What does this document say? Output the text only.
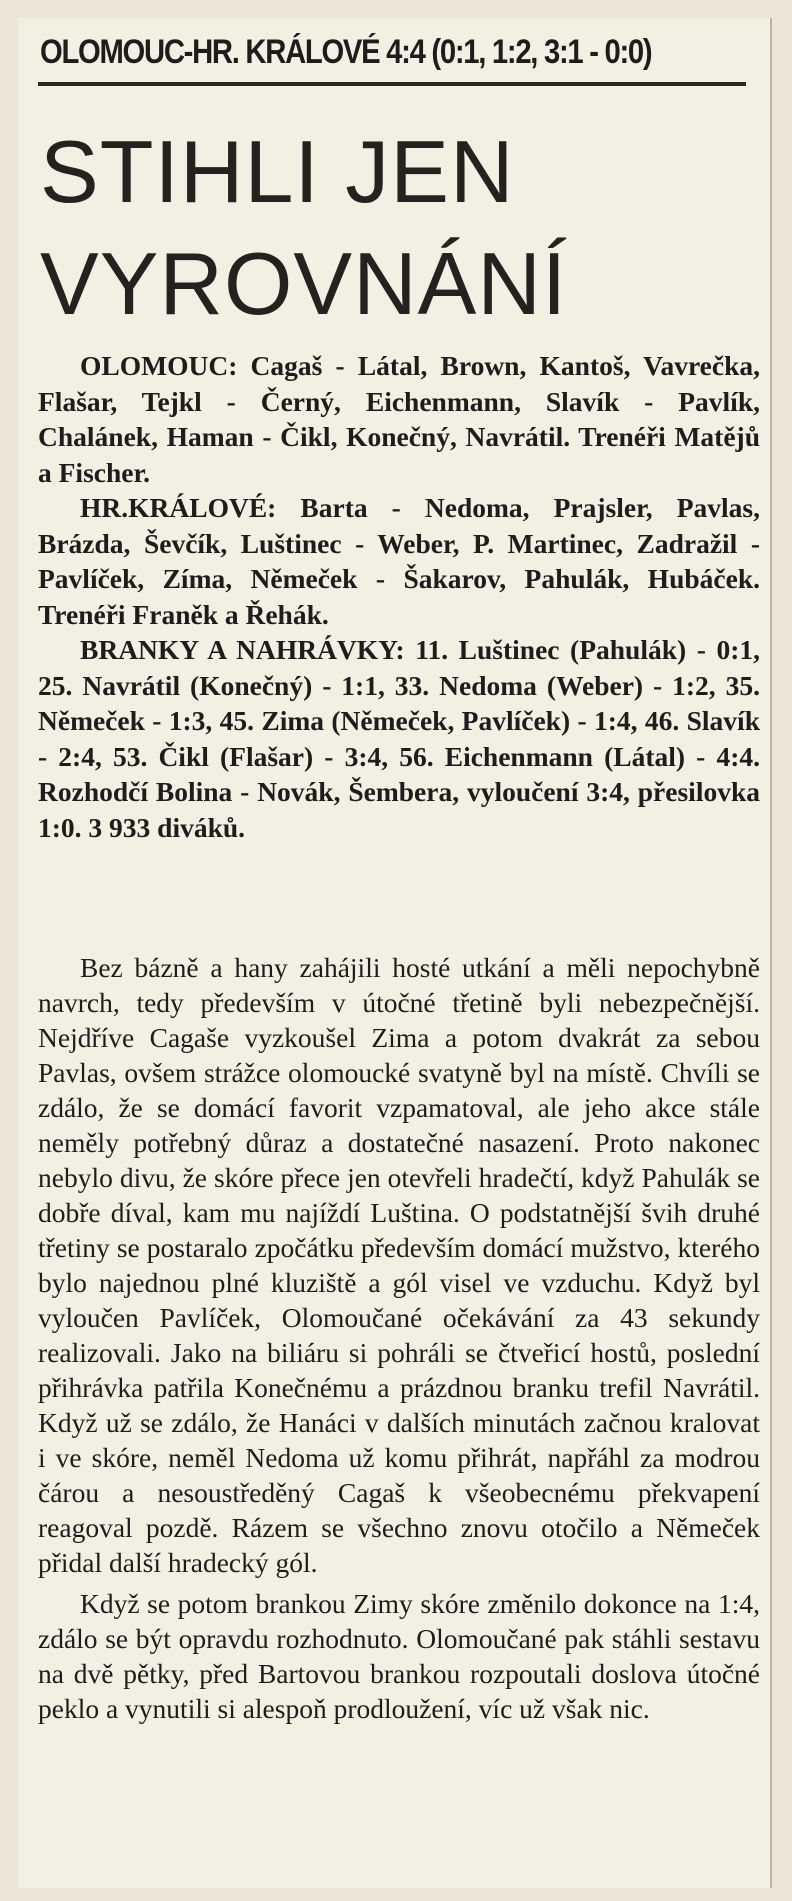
OLOMOUC-HR. KRÁLOVÉ 4:4 (0:1, 1:2, 3:1 - 0:0)
STIHLI JEN
VYROVNÁNÍ

OLOMOUC: Cagaš - Látal, Brown, Kantoš, Vavrečka, Flašar, Tejkl - Černý, Eichenmann, Slavík - Pavlík, Chalánek, Haman - Čikl, Konečný, Navrátil. Trenéři Matějů a Fischer.

HR.KRÁLOVÉ: Barta - Nedoma, Prajsler, Pavlas, Brázda, Ševčík, Luštinec - Weber, P. Martinec, Zadražil - Pavlíček, Zíma, Němeček - Šakarov, Pahulák, Hubáček. Trenéři Franěk a Řehák.

BRANKY A NAHRÁVKY: 11. Luštinec (Pahulák) - 0:1, 25. Navrátil (Konečný) - 1:1, 33. Nedoma (Weber) - 1:2, 35. Němeček - 1:3, 45. Zima (Němeček, Pavlíček) - 1:4, 46. Slavík - 2:4, 53. Čikl (Flašar) - 3:4, 56. Eichenmann (Látal) - 4:4. Rozhodčí Bolina - Novák, Šembera, vyloučení 3:4, přesilovka 1:0. 3 933 diváků.

Bez bázně a hany zahájili hosté utkání a měli nepochybně navrch, tedy především v útočné třetině byli nebezpečnější. Nejdříve Cagaše vyzkoušel Zima a potom dvakrát za sebou Pavlas, ovšem strážce olomoucké svatyně byl na místě. Chvíli se zdálo, že se domácí favorit vzpamatoval, ale jeho akce stále neměly potřebný důraz a dostatečné nasazení. Proto nakonec nebylo divu, že skóre přece jen otevřeli hradečtí, když Pahulák se dobře díval, kam mu najíždí Luština. O podstatnější švih druhé třetiny se postaralo zpočátku především domácí mužstvo, kterého bylo najednou plné kluziště a gól visel ve vzduchu. Když byl vyloučen Pavlíček, Olomoučané očekávání za 43 sekundy realizovali. Jako na biliáru si pohráli se čtveřicí hostů, poslední přihrávka patřila Konečnému a prázdnou branku trefil Navrátil. Když už se zdálo, že Hanáci v dalších minutách začnou kralovat i ve skóre, neměl Nedoma už komu přihrát, napřáhl za modrou čárou a nesoustředěný Cagaš k všeobecnému překvapení reagoval pozdě. Rázem se všechno znovu otočilo a Němeček přidal další hradecký gól.

Když se potom brankou Zimy skóre změnilo dokonce na 1:4, zdálo se být opravdu rozhodnuto. Olomoučané pak stáhli sestavu na dvě pětky, před Bartovou brankou rozpoutali doslova útočné peklo a vynutili si alespoň prodloužení, víc už však nic.
